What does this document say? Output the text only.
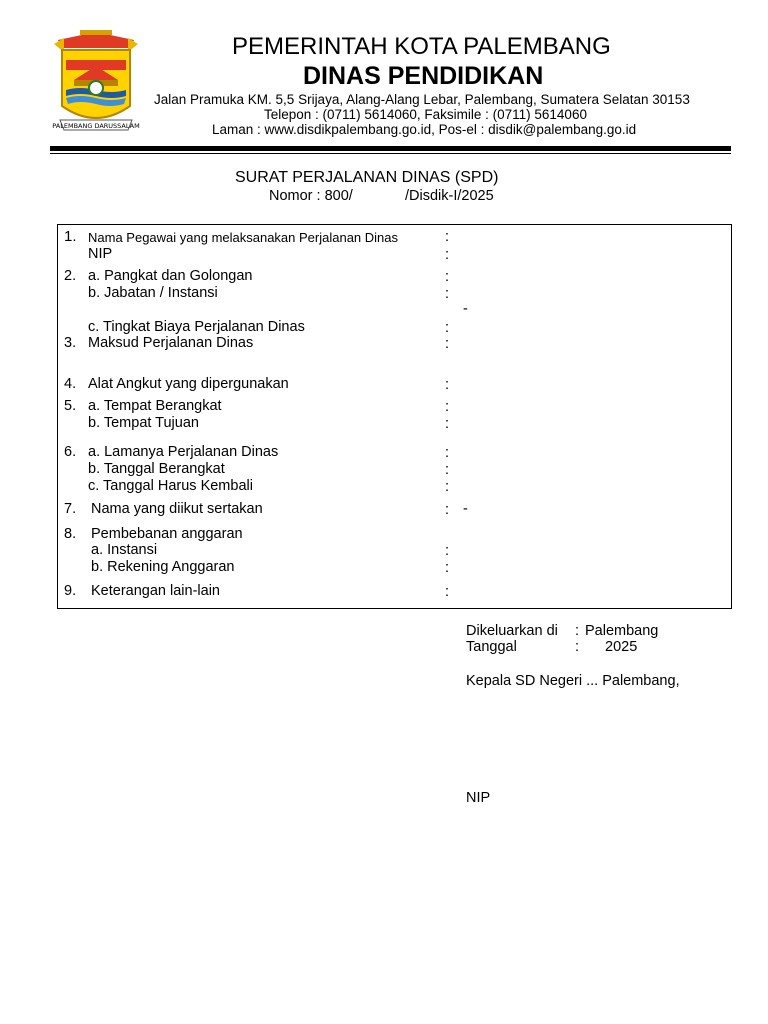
PALEMBANG DARUSSALAM
PEMERINTAH KOTA PALEMBANG
DINAS PENDIDIKAN
Jalan Pramuka KM. 5,5 Srijaya, Alang-Alang Lebar, Palembang, Sumatera Selatan 30153
Telepon : (0711) 5614060, Faksimile : (0711) 5614060
Laman : www.disdikpalembang.go.id, Pos-el : disdik@palembang.go.id
SURAT PERJALANAN DINAS (SPD)
Nomor : 800/	/Disdik-I/2025
1. Nama Pegawai yang melaksanakan Perjalanan Dinas	:
NIP	:
2. a. Pangkat dan Golongan	:
b. Jabatan / Instansi	:
-
c. Tingkat Biaya Perjalanan Dinas	:
3. Maksud Perjalanan Dinas	:
4. Alat Angkut yang dipergunakan	:
5. a. Tempat Berangkat	:
b. Tempat Tujuan	:
6. a. Lamanya Perjalanan Dinas	:
b. Tanggal Berangkat	:
c. Tanggal Harus Kembali	:
7. Nama yang diikut sertakan	: -
8. Pembebanan anggaran
a. Instansi	:
b. Rekening Anggaran	:
9. Keterangan lain-lain	:
Dikeluarkan di : Palembang
Tanggal	: 2025
Kepala SD Negeri ... Palembang,
NIP
